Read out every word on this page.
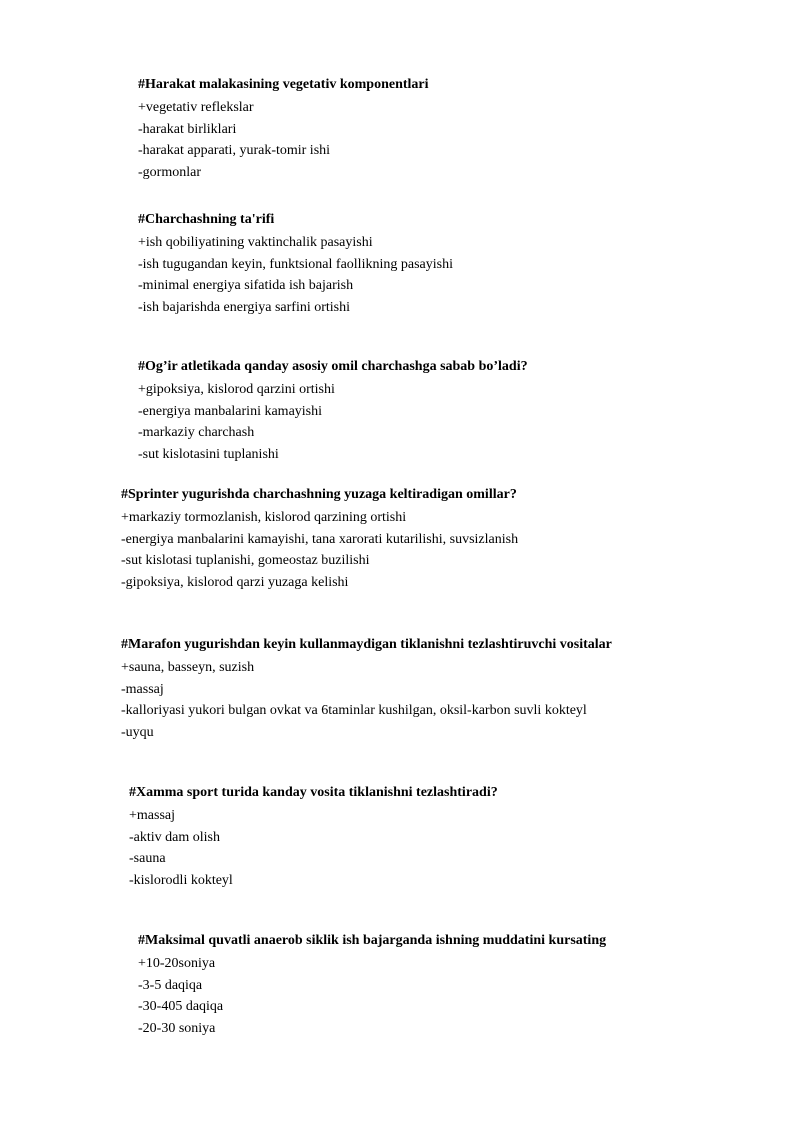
#Harakat malakasining vegetativ komponentlari
+vegetativ reflekslar
-harakat birliklari
-harakat apparati, yurak-tomir ishi
-gormonlar
#Charchashning ta'rifi
+ish qobiliyatining vaktinchalik pasayishi
-ish tugugandan keyin, funktsional faollikning pasayishi
-minimal energiya sifatida ish bajarish
-ish bajarishda energiya sarfini ortishi
#Og’ir atletikada qanday asosiy omil charchashga sabab bo’ladi?
+gipoksiya, kislorod qarzini ortishi
-energiya manbalarini kamayishi
-markaziy charchash
-sut kislotasini tuplanishi
#Sprinter yugurishda charchashning yuzaga keltiradigan omillar?
+markaziy tormozlanish, kislorod qarzining ortishi
-energiya manbalarini kamayishi, tana xarorati kutarilishi, suvsizlanish
-sut kislotasi tuplanishi, gomeostaz buzilishi
-gipoksiya, kislorod qarzi yuzaga kelishi
#Marafon yugurishdan keyin kullanmaydigan tiklanishni tezlashtiruvchi vositalar
+sauna, basseyn, suzish
-massaj
-kalloriyasi yukori bulgan ovkat va 6taminlar kushilgan, oksil-karbon suvli kokteyl
-uyqu
#Xamma sport turida kanday vosita tiklanishni tezlashtiradi?
+massaj
-aktiv dam olish
-sauna
-kislorodli kokteyl
#Maksimal quvatli anaerob siklik ish bajarganda ishning muddatini kursating
+10-20soniya
-3-5 daqiqa
-30-405 daqiqa
-20-30 soniya
